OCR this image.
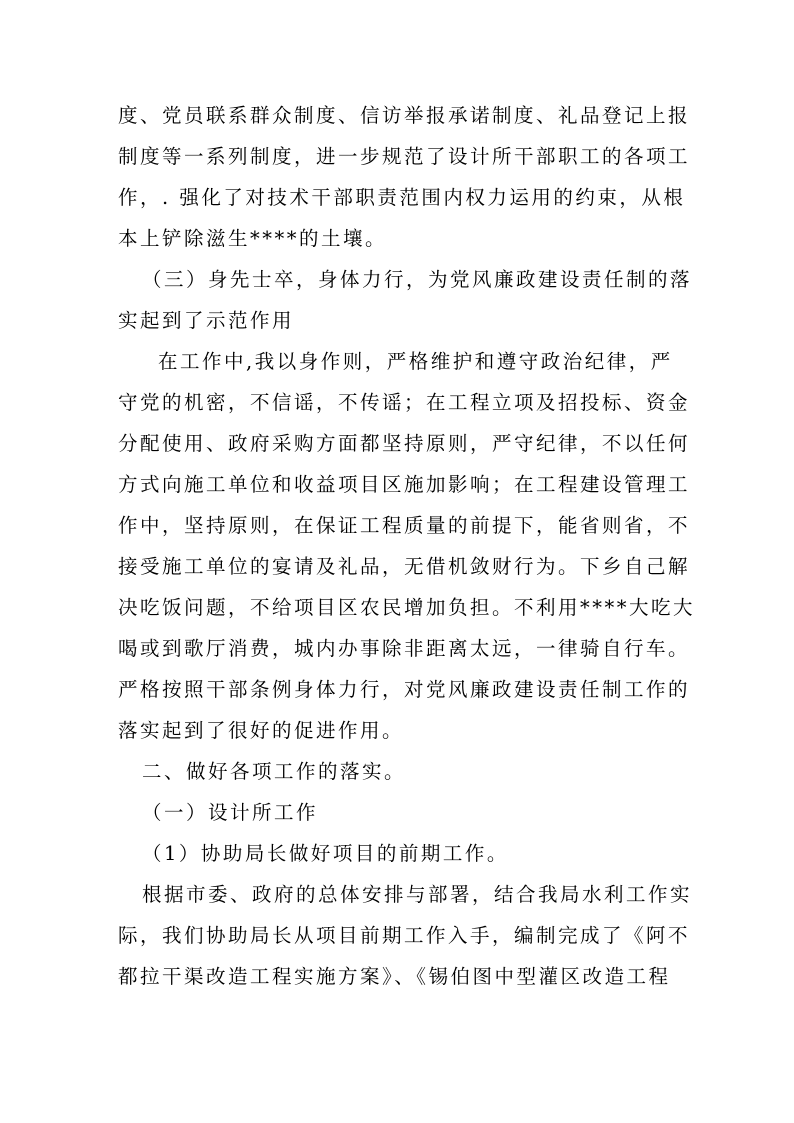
度、党员联系群众制度、信访举报承诺制度、礼品登记上报
制度等一系列制度，进一步规范了设计所干部职工的各项工
作，. 强化了对技术干部职责范围内权力运用的约束，从根
本上铲除滋生****的土壤。
（三）身先士卒，身体力行，为党风廉政建设责任制的落
实起到了示范作用
在工作中,我以身作则，严格维护和遵守政治纪律，严
守党的机密，不信谣，不传谣；在工程立项及招投标、资金
分配使用、政府采购方面都坚持原则，严守纪律，不以任何
方式向施工单位和收益项目区施加影响；在工程建设管理工
作中，坚持原则，在保证工程质量的前提下，能省则省，不
接受施工单位的宴请及礼品，无借机敛财行为。下乡自己解
决吃饭问题，不给项目区农民增加负担。不利用****大吃大
喝或到歌厅消费，城内办事除非距离太远，一律骑自行车。
严格按照干部条例身体力行，对党风廉政建设责任制工作的
落实起到了很好的促进作用。
二、做好各项工作的落实。
（一）设计所工作
（1）协助局长做好项目的前期工作。
根据市委、政府的总体安排与部署，结合我局水利工作实
际，我们协助局长从项目前期工作入手，编制完成了《阿不
都拉干渠改造工程实施方案》、《锡伯图中型灌区改造工程
